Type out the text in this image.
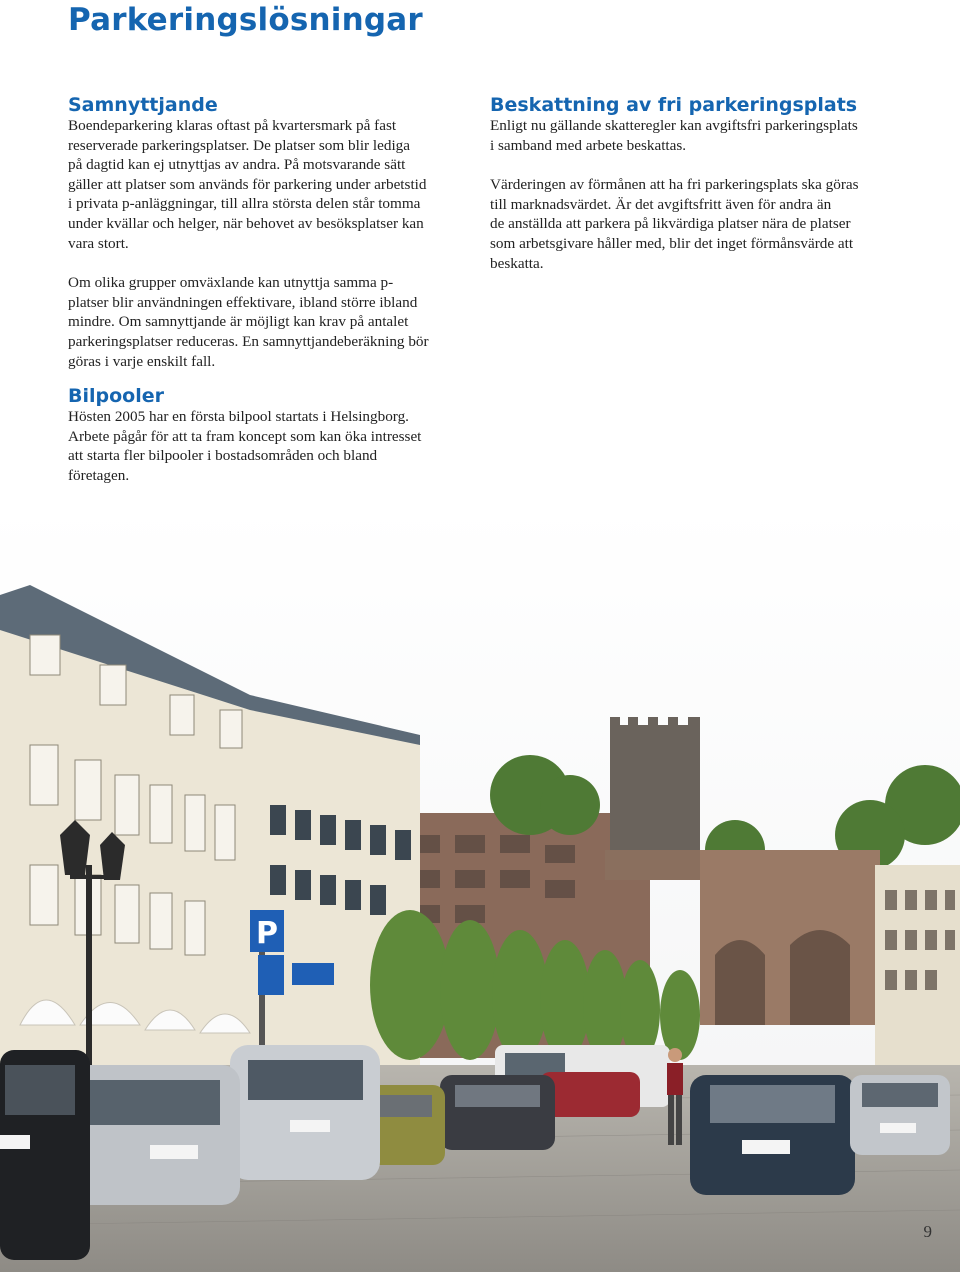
Parkeringslösningar
Samnyttjande

Boendeparkering klaras oftast på kvartersmark på fast
reserverade parkeringsplatser. De platser som blir lediga
på dagtid kan ej utnyttjas av andra. På motsvarande sätt
gäller att platser som används för parkering under arbetstid
i privata p-anläggningar, till allra största delen står tomma
under kvällar och helger, när behovet av besöksplatser kan
vara stort.

Om olika grupper omväxlande kan utnyttja samma p-
platser blir användningen effektivare, ibland större ibland
mindre. Om samnyttjande är möjligt kan krav på antalet
parkeringsplatser reduceras. En samnyttjandeberäkning bör
göras i varje enskilt fall.

Bilpooler

Hösten 2005 har en första bilpool startats i Helsingborg.
Arbete pågår för att ta fram koncept som kan öka intresset
att starta fler bilpooler i bostadsområden och bland
företagen.

Beskattning av fri parkeringsplats

Enligt nu gällande skatteregler kan avgiftsfri parkeringsplats
i samband med arbete beskattas.

Värderingen av förmånen att ha fri parkeringsplats ska göras
till marknadsvärdet. Är det avgiftsfritt även för andra än
de anställda att parkera på likvärdiga platser nära de platser
som arbetsgivare håller med, blir det inget förmånsvärde att
beskatta.

P
9
